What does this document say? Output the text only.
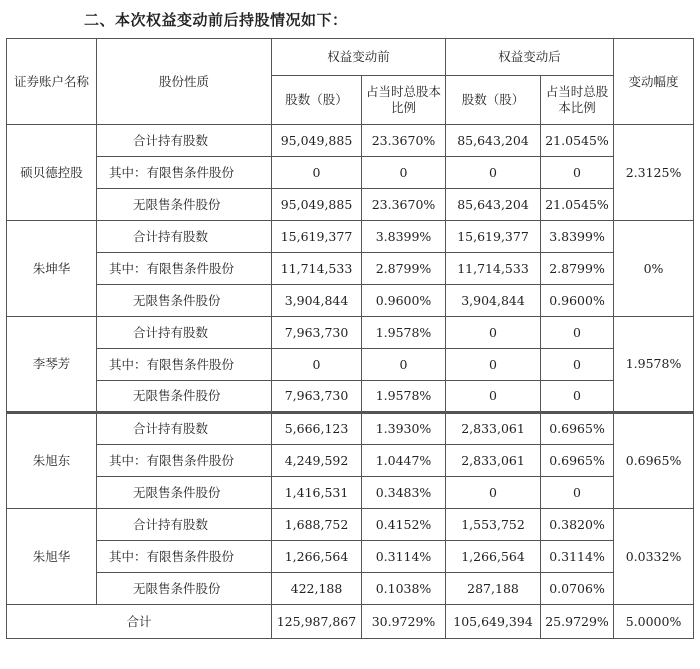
二、本次权益变动前后持股情况如下：
证券账户名称	股份性质	权益变动前		权益变动后		变动幅度
		股数（股）	占当时总股本比例	股数（股）	占当时总股本比例	
硕贝德控股	合计持有股数	95,049,885	23.3670%	85,643,204	21.0545%	2.3125%
	其中：有限售条件股份	0	0	0	0	
	无限售条件股份	95,049,885	23.3670%	85,643,204	21.0545%	
朱坤华	合计持有股数	15,619,377	3.8399%	15,619,377	3.8399%	0%
	其中：有限售条件股份	11,714,533	2.8799%	11,714,533	2.8799%	
	无限售条件股份	3,904,844	0.9600%	3,904,844	0.9600%	
李琴芳	合计持有股数	7,963,730	1.9578%	0	0	1.9578%
	其中：有限售条件股份	0	0	0	0	
	无限售条件股份	7,963,730	1.9578%	0	0	
朱旭东	合计持有股数	5,666,123	1.3930%	2,833,061	0.6965%	0.6965%
	其中：有限售条件股份	4,249,592	1.0447%	2,833,061	0.6965%	
	无限售条件股份	1,416,531	0.3483%	0	0	
朱旭华	合计持有股数	1,688,752	0.4152%	1,553,752	0.3820%	0.0332%
	其中：有限售条件股份	1,266,564	0.3114%	1,266,564	0.3114%	
	无限售条件股份	422,188	0.1038%	287,188	0.0706%	
合计		125,987,867	30.9729%	105,649,394	25.9729%	5.0000%
